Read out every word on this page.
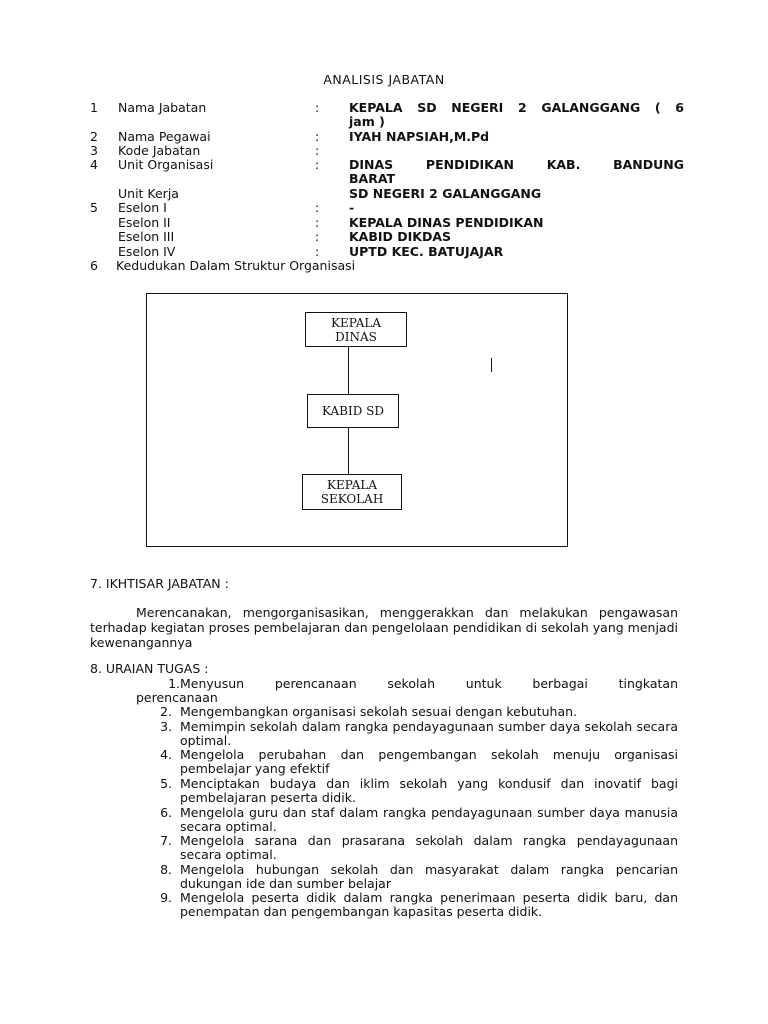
ANALISIS JABATAN
1 Nama Jabatan	: KEPALA SD NEGERI 2 GALANGGANG ( 6
jam )
2 Nama Pegawai	: IYAH NAPSIAH,M.Pd
3 Kode Jabatan	:
4 Unit Organisasi	: DINAS PENDIDIKAN KAB. BANDUNG
BARAT
Unit Kerja	SD NEGERI 2 GALANGGANG
5 Eselon I	: -
Eselon II	: KEPALA DINAS PENDIDIKAN
Eselon III	: KABID DIKDAS
Eselon IV	: UPTD KEC. BATUJAJAR
6 Kedudukan Dalam Struktur Organisasi
KEPALA
DINAS
KABID SD
KEPALA
SEKOLAH
7. IKHTISAR JABATAN :
Merencanakan, mengorganisasikan, menggerakkan dan melakukan pengawasan terhadap kegiatan proses pembelajaran dan pengelolaan pendidikan di sekolah yang menjadi kewenangannya
8. URAIAN TUGAS :
1. Menyusun perencanaan sekolah untuk berbagai tingkatan
perencanaan
2. Mengembangkan organisasi sekolah sesuai dengan kebutuhan.
3. Memimpin sekolah dalam rangka pendayagunaan sumber daya sekolah secara optimal.
4. Mengelola perubahan dan pengembangan sekolah menuju organisasi pembelajar yang efektif
5. Menciptakan budaya dan iklim sekolah yang kondusif dan inovatif bagi pembelajaran peserta didik.
6. Mengelola guru dan staf dalam rangka pendayagunaan sumber daya manusia secara optimal.
7. Mengelola sarana dan prasarana sekolah dalam rangka pendayagunaan secara optimal.
8. Mengelola hubungan sekolah dan masyarakat dalam rangka pencarian dukungan ide dan sumber belajar
9. Mengelola peserta didik dalam rangka penerimaan peserta didik baru, dan penempatan dan pengembangan kapasitas peserta didik.
